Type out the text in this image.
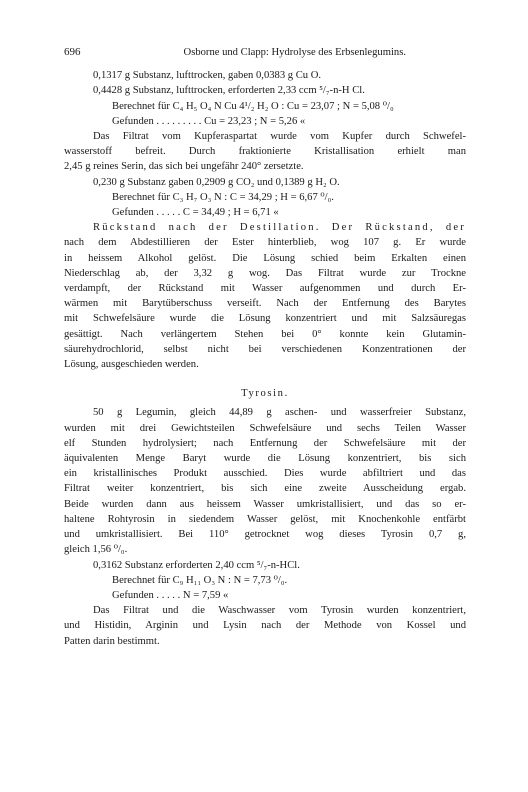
696	Osborne und Clapp: Hydrolyse des Erbsenlegumins.
0,1317 g Substanz, lufttrocken, gaben 0,0383 g Cu O.
0,4428 g Substanz, lufttrocken, erforderten 2,33 ccm ⁵/₇-n-H Cl.
Berechnet für C₄ H₅ O₄ N Cu 4¹/₂ H₂ O : Cu = 23,07 ; N = 5,08 ⁰/₀
Gefunden . . . . . . . . . Cu = 23,23 ; N = 5,26 «
Das Filtrat vom Kupferaspartat wurde vom Kupfer durch Schwefel-
wasserstoff befreit. Durch fraktionierte Kristallisation erhielt man
2,45 g reines Serin, das sich bei ungefähr 240° zersetzte.
0,230 g Substanz gaben 0,2909 g CO₂ und 0,1389 g H₂ O.
Berechnet für C₃ H₇ O₃ N : C = 34,29 ; H = 6,67 ⁰/₀.
Gefunden . . . . . C = 34,49 ; H = 6,71 «
Rückstand nach der Destillation. Der Rückstand, der
nach dem Abdestillieren der Ester hinterblieb, wog 107 g. Er wurde
in heissem Alkohol gelöst. Die Lösung schied beim Erkalten einen
Niederschlag ab, der 3,32 g wog. Das Filtrat wurde zur Trockne
verdampft, der Rückstand mit Wasser aufgenommen und durch Er-
wärmen mit Barytüberschuss verseift. Nach der Entfernung des Barytes
mit Schwefelsäure wurde die Lösung konzentriert und mit Salzsäuregas
gesättigt. Nach verlängertem Stehen bei 0° konnte kein Glutamin-
säurehydrochlorid, selbst nicht bei verschiedenen Konzentrationen der
Lösung, ausgeschieden werden.
Tyrosin.
50 g Legumin, gleich 44,89 g aschen- und wasserfreier Substanz,
wurden mit drei Gewichtsteilen Schwefelsäure und sechs Teilen Wasser
elf Stunden hydrolysiert; nach Entfernung der Schwefelsäure mit der
äquivalenten Menge Baryt wurde die Lösung konzentriert, bis sich
ein kristallinisches Produkt ausschied. Dies wurde abfiltriert und das
Filtrat weiter konzentriert, bis sich eine zweite Ausscheidung ergab.
Beide wurden dann aus heissem Wasser umkristallisiert, und das so er-
haltene Rohtyrosin in siedendem Wasser gelöst, mit Knochenkohle entfärbt
und umkristallisiert. Bei 110° getrocknet wog dieses Tyrosin 0,7 g,
gleich 1,56 ⁰/₀.
0,3162 Substanz erforderten 2,40 ccm ⁵/₇-n-HCl.
Berechnet für C₉ H₁₁ O₃ N : N = 7,73 ⁰/₀.
Gefunden . . . . . N = 7,59 «
Das Filtrat und die Waschwasser vom Tyrosin wurden konzentriert,
und Histidin, Arginin und Lysin nach der Methode von Kossel und
Patten darin bestimmt.
